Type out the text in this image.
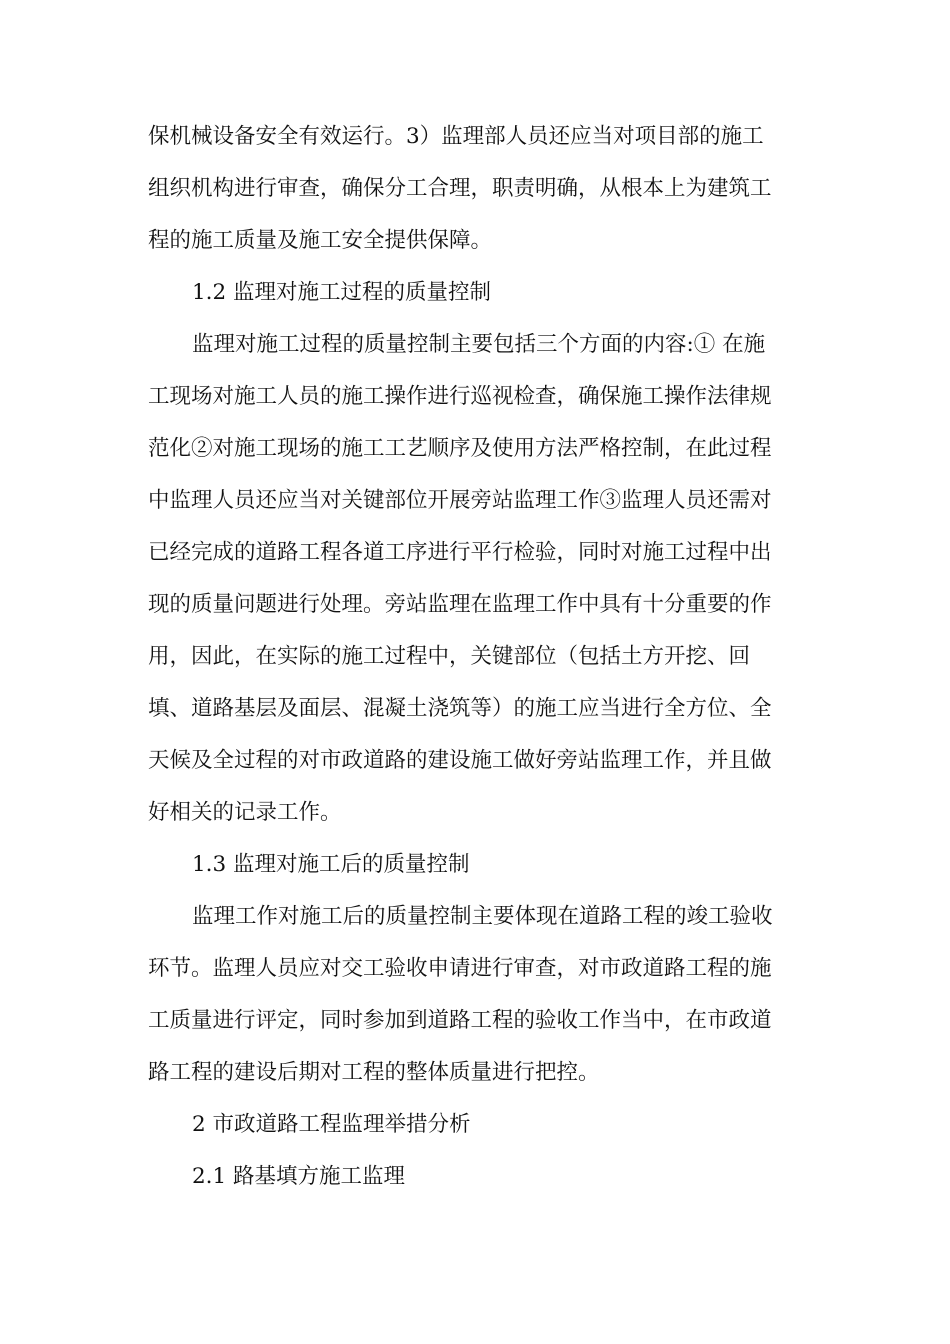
保机械设备安全有效运行。3）监理部人员还应当对项目部的施工
组织机构进行审查，确保分工合理，职责明确，从根本上为建筑工
程的施工质量及施工安全提供保障。
1.2 监理对施工过程的质量控制
监理对施工过程的质量控制主要包括三个方面的内容:① 在施
工现场对施工人员的施工操作进行巡视检查，确保施工操作法律规
范化②对施工现场的施工工艺顺序及使用方法严格控制，在此过程
中监理人员还应当对关键部位开展旁站监理工作③监理人员还需对
已经完成的道路工程各道工序进行平行检验，同时对施工过程中出
现的质量问题进行处理。旁站监理在监理工作中具有十分重要的作
用，因此，在实际的施工过程中，关键部位（包括土方开挖、回
填、道路基层及面层、混凝土浇筑等）的施工应当进行全方位、全
天候及全过程的对市政道路的建设施工做好旁站监理工作，并且做
好相关的记录工作。
1.3 监理对施工后的质量控制
监理工作对施工后的质量控制主要体现在道路工程的竣工验收
环节。监理人员应对交工验收申请进行审查，对市政道路工程的施
工质量进行评定，同时参加到道路工程的验收工作当中，在市政道
路工程的建设后期对工程的整体质量进行把控。
2 市政道路工程监理举措分析
2.1 路基填方施工监理
